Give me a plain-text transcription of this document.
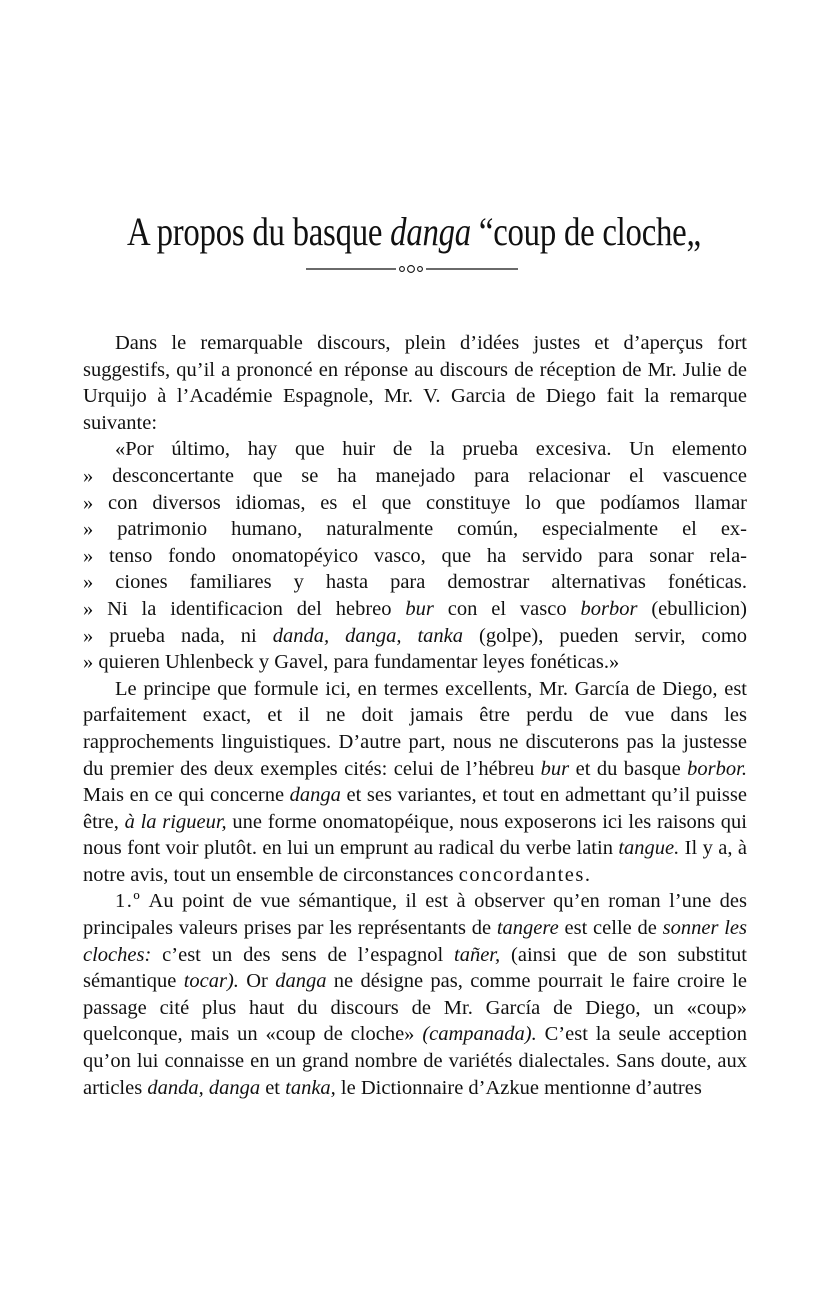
A propos du basque danga “coup de cloche„

Dans le remarquable discours, plein d’idées justes et d’aperçus fort suggestifs, qu’il a prononcé en réponse au discours de réception de Mr. Julie de Urquijo à l’Académie Espagnole, Mr. V. Garcia de Diego fait la remarque suivante:

«Por último, hay que huir de la prueba excesiva. Un elemento

» desconcertante que se ha manejado para relacionar el vascuence

» con diversos idiomas, es el que constituye lo que podíamos llamar

» patrimonio humano, naturalmente común, especialmente el ex-

» tenso fondo onomatopéyico vasco, que ha servido para sonar rela-

» ciones familiares y hasta para demostrar alternativas fonéticas.

» Ni la identificacion del hebreo bur con el vasco borbor (ebullicion)

» prueba nada, ni danda, danga, tanka (golpe), pueden servir, como

» quieren Uhlenbeck y Gavel, para fundamentar leyes fonéticas.»

Le principe que formule ici, en termes excellents, Mr. García de Diego, est parfaitement exact, et il ne doit jamais être perdu de vue dans les rapprochements linguistiques. D’autre part, nous ne discuterons pas la justesse du premier des deux exemples cités: celui de l’hébreu bur et du basque borbor. Mais en ce qui concerne danga et ses variantes, et tout en admettant qu’il puisse être, à la rigueur, une forme onomatopéique, nous exposerons ici les raisons qui nous font voir plutôt. en lui un emprunt au radical du verbe latin tangue. Il y a, à notre avis, tout un ensemble de circonstances concordantes.

1.º Au point de vue sémantique, il est à observer qu’en roman l’une des principales valeurs prises par les représentants de tangere est celle de sonner les cloches: c’est un des sens de l’espagnol tañer, (ainsi que de son substitut sémantique tocar). Or danga ne désigne pas, comme pourrait le faire croire le passage cité plus haut du discours de Mr. García de Diego, un «coup» quelconque, mais un «coup de cloche» (campanada). C’est la seule acception qu’on lui connaisse en un grand nombre de variétés dialectales. Sans doute, aux articles danda, danga et tanka, le Dictionnaire d’Azkue mentionne d’autres
